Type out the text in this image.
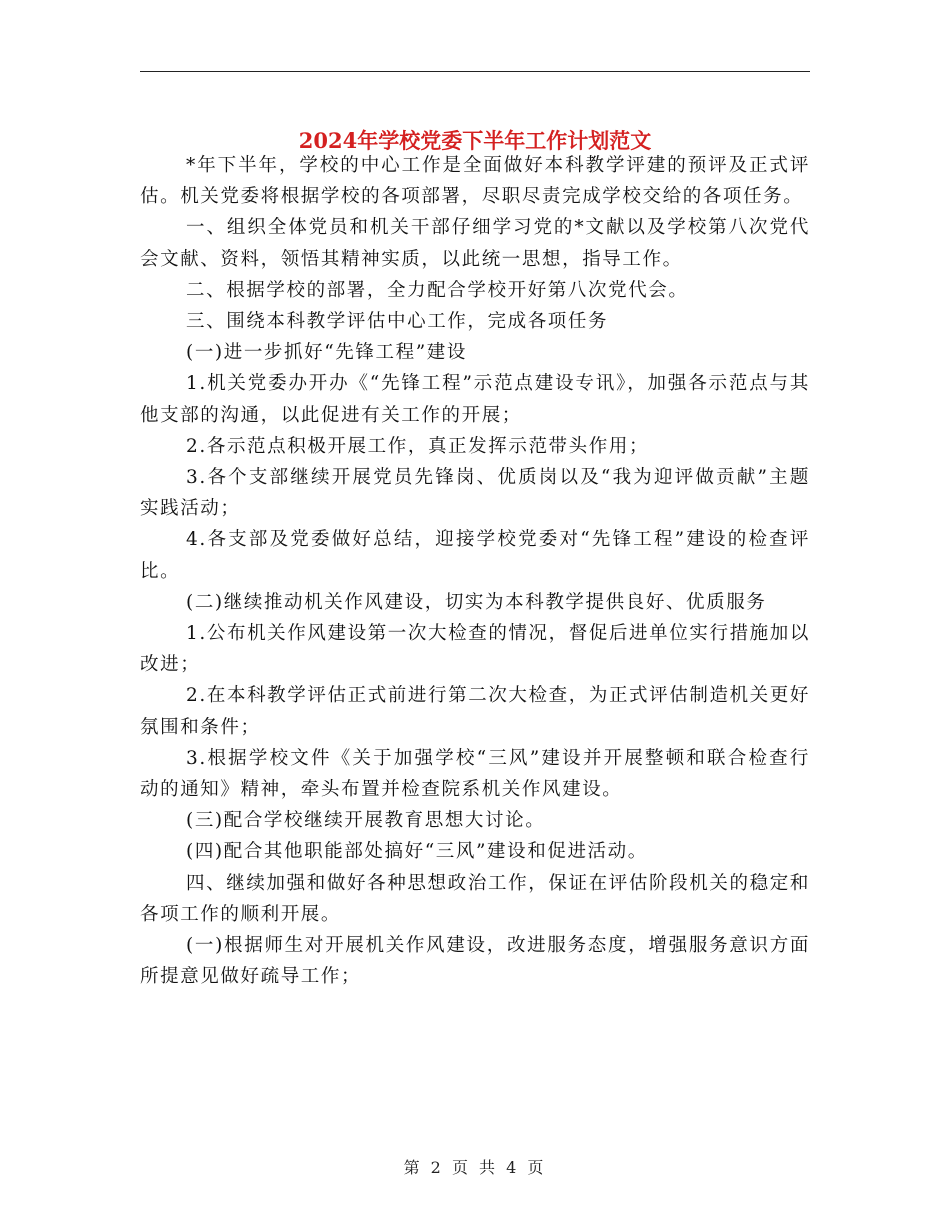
2024年学校党委下半年工作计划范文

*年下半年，学校的中心工作是全面做好本科教学评建的预评及正式评估。机关党委将根据学校的各项部署，尽职尽责完成学校交给的各项任务。

一、组织全体党员和机关干部仔细学习党的*文献以及学校第八次党代会文献、资料，领悟其精神实质，以此统一思想，指导工作。

二、根据学校的部署，全力配合学校开好第八次党代会。

三、围绕本科教学评估中心工作，完成各项任务

(一)进一步抓好“先锋工程”建设

1.机关党委办开办《“先锋工程”示范点建设专讯》，加强各示范点与其他支部的沟通，以此促进有关工作的开展；

2.各示范点积极开展工作，真正发挥示范带头作用；

3.各个支部继续开展党员先锋岗、优质岗以及“我为迎评做贡献”主题实践活动；

4.各支部及党委做好总结，迎接学校党委对“先锋工程”建设的检查评比。

(二)继续推动机关作风建设，切实为本科教学提供良好、优质服务

1.公布机关作风建设第一次大检查的情况，督促后进单位实行措施加以改进；

2.在本科教学评估正式前进行第二次大检查，为正式评估制造机关更好氛围和条件；

3.根据学校文件《关于加强学校“三风”建设并开展整顿和联合检查行动的通知》精神，牵头布置并检查院系机关作风建设。

(三)配合学校继续开展教育思想大讨论。

(四)配合其他职能部处搞好“三风”建设和促进活动。

四、继续加强和做好各种思想政治工作，保证在评估阶段机关的稳定和各项工作的顺利开展。

(一)根据师生对开展机关作风建设，改进服务态度，增强服务意识方面所提意见做好疏导工作；

第 2 页 共 4 页
